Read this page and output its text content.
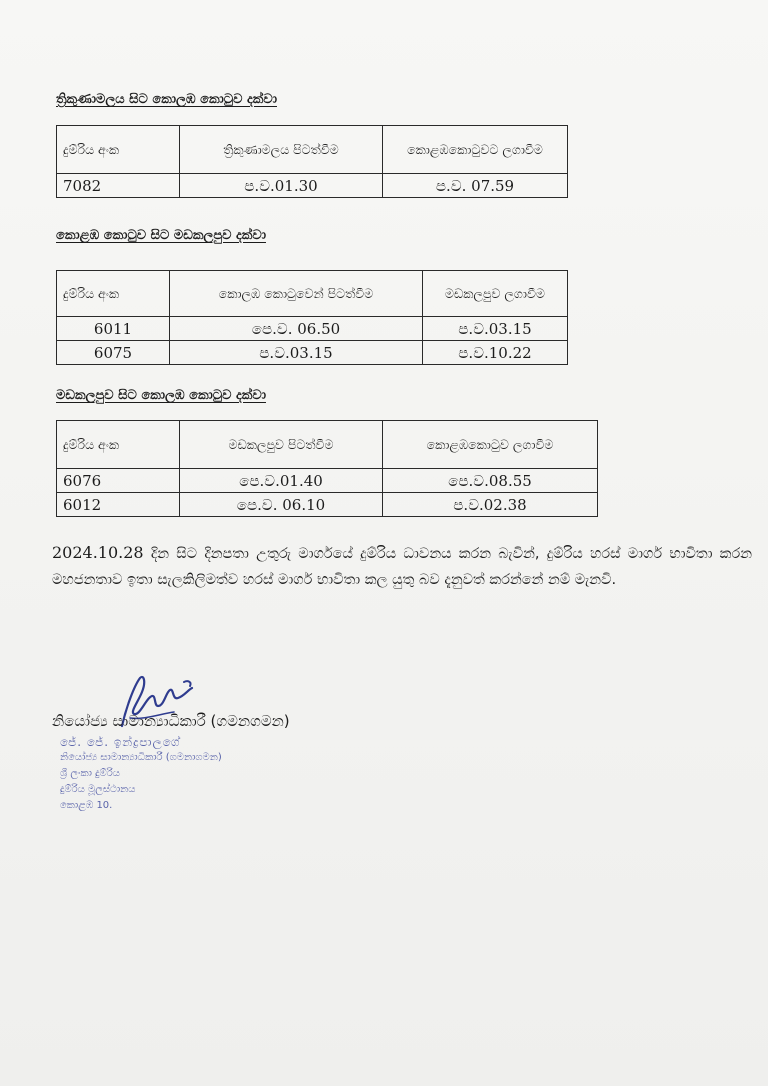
ත්‍රිකුණාමලය සිට කොලඹ කොටුව දක්වා
දුම්රිය අංක	ත්‍රිකුණාමලය පිටත්වීම	කොළඹකොටුවට ලගාවීම
7082	ප.ව.01.30	ප.ව. 07.59
කොළඹ කොටුව සිට මඩකලපුව දක්වා
දුම්රිය අංක	කොලඹ කොටුවෙන් පිටත්වීම	මඩකලපුව ලගාවීම
6011	පෙ.ව. 06.50	ප.ව.03.15
6075	ප.ව.03.15	ප.ව.10.22
මඩකලපුව සිට කොලඹ කොටුව දක්වා
දුම්රිය අංක	මඩකලපුව පිටත්වීම	කොළඹකොටුව ලගාවීම
6076	පෙ.ව.01.40	පෙ.ව.08.55
6012	පෙ.ව. 06.10	ප.ව.02.38
2024.10.28 දින සිට දිනපතා උතුරු මාර්ගයේ දුම්රිය ධාවනය කරන බැවින්, දුම්රිය හරස් මාර්ග භාවිතා කරන මහජනතාව ඉතා සැලකිලිමත්ව හරස් මාර්ග භාවිතා කල යුතු බව දැනුවත් කරන්නේ නම් මැනවි.
නියෝජ්‍ය සාමාන්‍යාධිකාරී (ගමනගමන)
ජේ. ජේ. ඉන්ද්‍රපාලගේ
නියෝජ්‍ය සාමාන්‍යාධිකාරී (ගමනාගමන)
ශ්‍රී ලංකා දුම්රිය
දුම්රිය මූලස්ථානය
කොළඹ 10.
